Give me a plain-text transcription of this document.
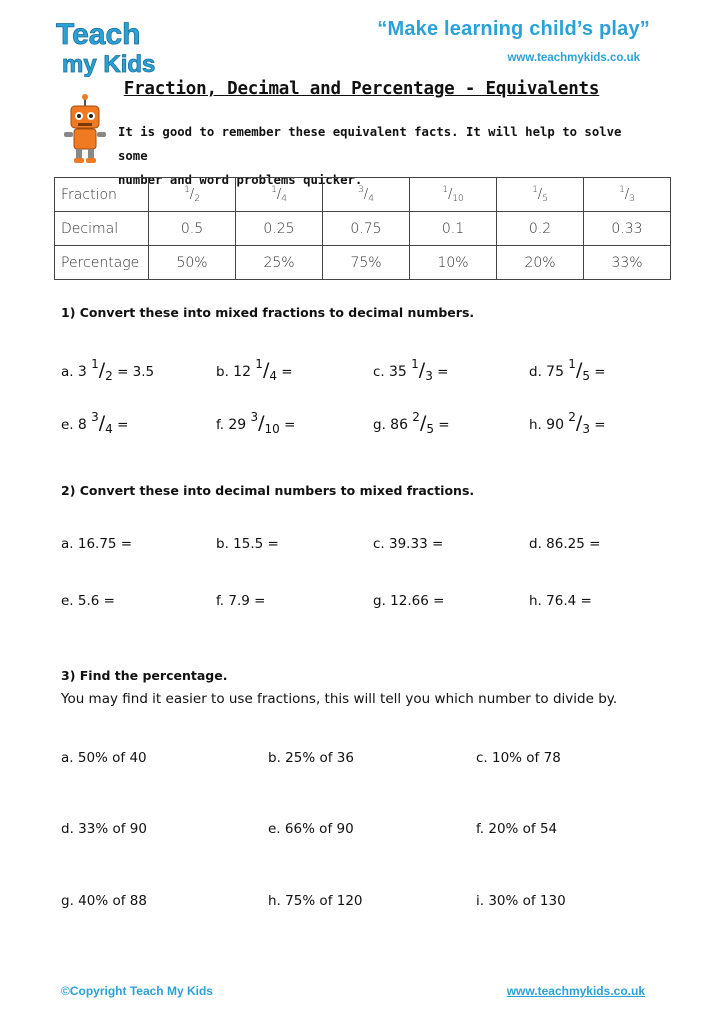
Teach
my Kids
“Make learning child’s play”
www.teachmykids.co.uk
Fraction, Decimal and Percentage - Equivalents
It is good to remember these equivalent facts. It will help to solve some
number and word problems quicker.
Fraction	$^1/_2$	$^1/_4$	$^3/_4$	$^1/_{10}$	$^1/_5$	$^1/_3$
Decimal	0.5	0.25	0.75	0.1	0.2	0.33
Percentage	50%	25%	75%	10%	20%	33%
1) Convert these into mixed fractions to decimal numbers.
a. 3 1/2 = 3.5	b. 12 1/4 =	c. 35 1/3 =	d. 75 1/5 =
e. 8 3/4 =	f. 29 3/10 =	g. 86 2/5 =	h. 90 2/3 =
2) Convert these into decimal numbers to mixed fractions.
a. 16.75 =	b. 15.5 =	c. 39.33 =	d. 86.25 =
e. 5.6 =	f. 7.9 =	g. 12.66 =	h. 76.4 =
3) Find the percentage.
You may find it easier to use fractions, this will tell you which number to divide by.
a. 50% of 40	b. 25% of 36	c. 10% of 78
d. 33% of 90	e. 66% of 90	f. 20% of 54
g. 40% of 88	h. 75% of 120	i. 30% of 130
©Copyright Teach My Kids	www.teachmykids.co.uk
